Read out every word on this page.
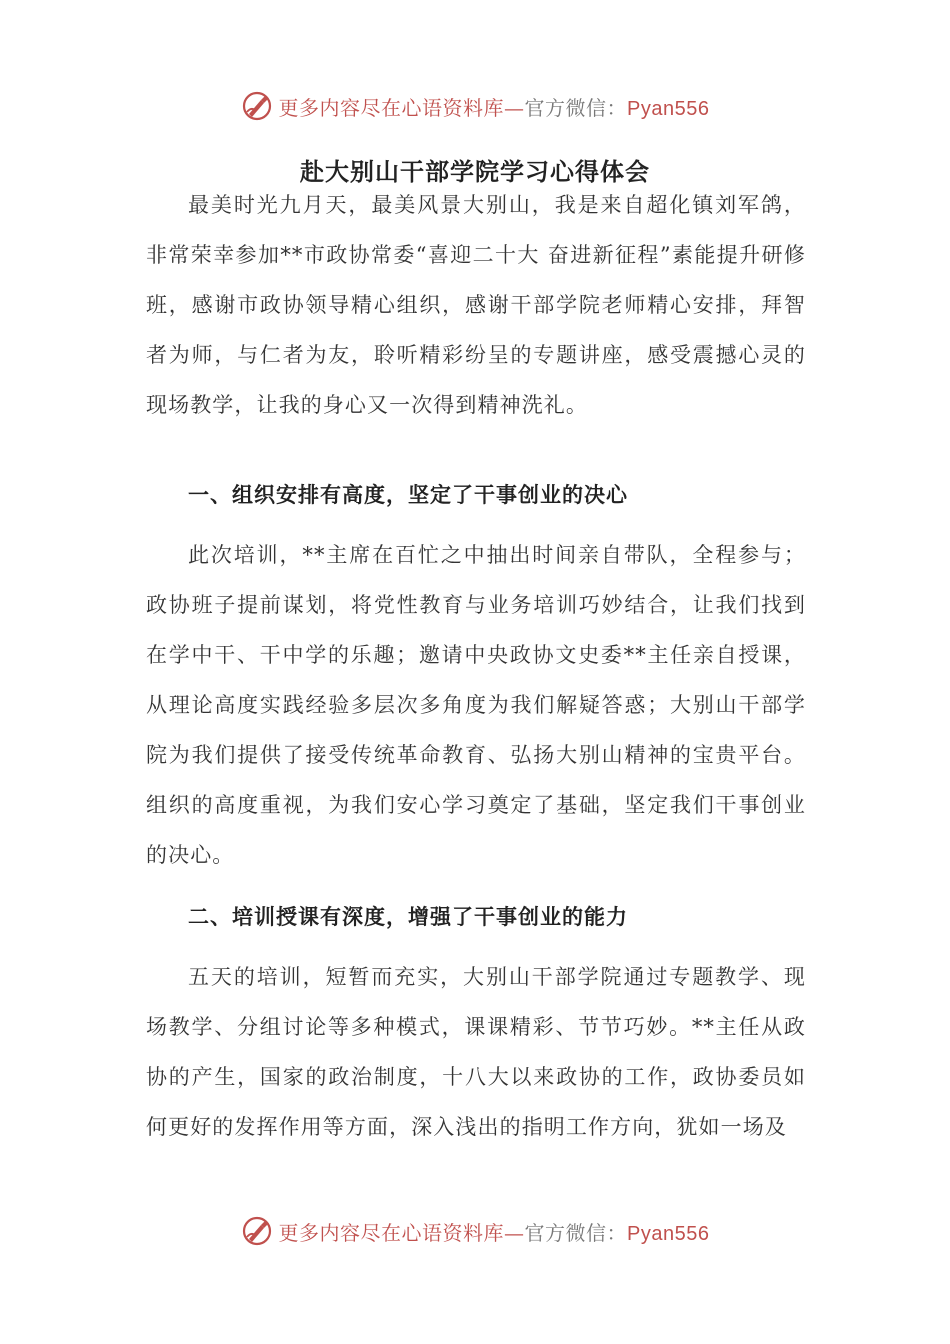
更多内容尽在心语资料库—官方微信：Pyan556
赴大别山干部学院学习心得体会

最美时光九月天，最美风景大别山，我是来自超化镇刘军鸽，非常荣幸参加**市政协常委“喜迎二十大 奋进新征程”素能提升研修班，感谢市政协领导精心组织，感谢干部学院老师精心安排，拜智者为师，与仁者为友，聆听精彩纷呈的专题讲座，感受震撼心灵的现场教学，让我的身心又一次得到精神洗礼。

一、组织安排有高度，坚定了干事创业的决心

此次培训，**主席在百忙之中抽出时间亲自带队，全程参与；政协班子提前谋划，将党性教育与业务培训巧妙结合，让我们找到在学中干、干中学的乐趣；邀请中央政协文史委**主任亲自授课，从理论高度实践经验多层次多角度为我们解疑答惑；大别山干部学院为我们提供了接受传统革命教育、弘扬大别山精神的宝贵平台。组织的高度重视，为我们安心学习奠定了基础，坚定我们干事创业的决心。

二、培训授课有深度，增强了干事创业的能力

五天的培训，短暂而充实，大别山干部学院通过专题教学、现场教学、分组讨论等多种模式，课课精彩、节节巧妙。**主任从政协的产生，国家的政治制度，十八大以来政协的工作，政协委员如何更好的发挥作用等方面，深入浅出的指明工作方向，犹如一场及

更多内容尽在心语资料库—官方微信：Pyan556
